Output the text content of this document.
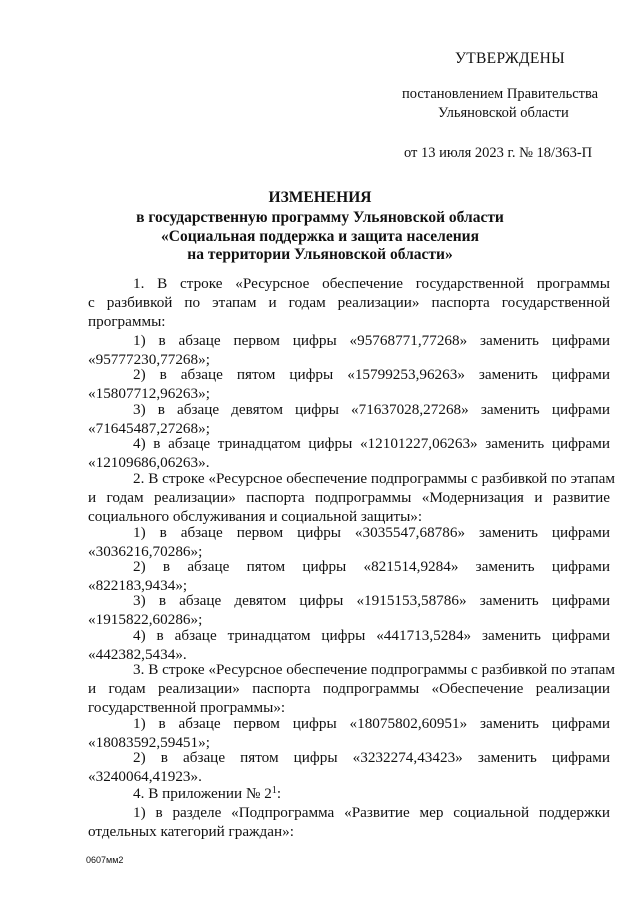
УТВЕРЖДЕНЫ
постановлением Правительства
Ульяновской области
от 13 июля 2023 г. № 18/363-П
ИЗМЕНЕНИЯ
в государственную программу Ульяновской области
«Социальная поддержка и защита населения
на территории Ульяновской области»
1. В строке «Ресурсное обеспечение государственной программы
с разбивкой по этапам и годам реализации» паспорта государственной
программы:
1) в абзаце первом цифры «95768771,77268» заменить цифрами
«95777230,77268»;
2) в абзаце пятом цифры «15799253,96263» заменить цифрами
«15807712,96263»;
3) в абзаце девятом цифры «71637028,27268» заменить цифрами
«71645487,27268»;
4) в абзаце тринадцатом цифры «12101227,06263» заменить цифрами
«12109686,06263».
2. В строке «Ресурсное обеспечение подпрограммы с разбивкой по этапам
и годам реализации» паспорта подпрограммы «Модернизация и развитие
социального обслуживания и социальной защиты»:
1) в абзаце первом цифры «3035547,68786» заменить цифрами
«3036216,70286»;
2) в абзаце пятом цифры «821514,9284» заменить цифрами
«822183,9434»;
3) в абзаце девятом цифры «1915153,58786» заменить цифрами
«1915822,60286»;
4) в абзаце тринадцатом цифры «441713,5284» заменить цифрами
«442382,5434».
3. В строке «Ресурсное обеспечение подпрограммы с разбивкой по этапам
и годам реализации» паспорта подпрограммы «Обеспечение реализации
государственной программы»:
1) в абзаце первом цифры «18075802,60951» заменить цифрами
«18083592,59451»;
2) в абзаце пятом цифры «3232274,43423» заменить цифрами
«3240064,41923».
4. В приложении № $2^1$:
1) в разделе «Подпрограмма «Развитие мер социальной поддержки
отдельных категорий граждан»:
0607мм2
